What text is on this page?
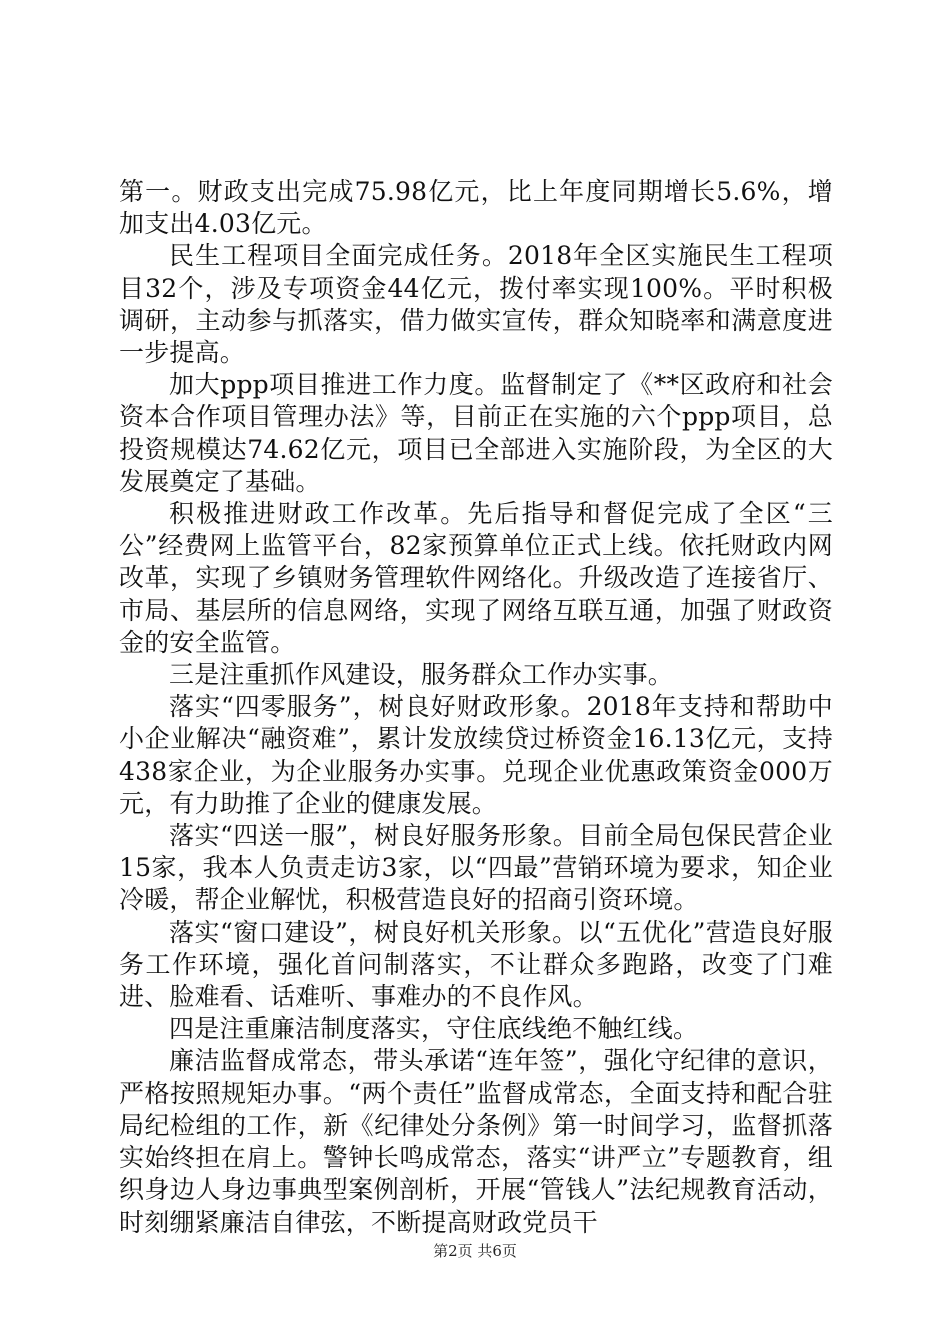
第一。财政支出完成75.98亿元，比上年度同期增长5.6%，增加支出4.03亿元。

民生工程项目全面完成任务。2018年全区实施民生工程项目32个，涉及专项资金44亿元，拨付率实现100%。平时积极调研，主动参与抓落实，借力做实宣传，群众知晓率和满意度进一步提高。

加大ppp项目推进工作力度。监督制定了《**区政府和社会资本合作项目管理办法》等，目前正在实施的六个ppp项目，总投资规模达74.62亿元，项目已全部进入实施阶段，为全区的大发展奠定了基础。

积极推进财政工作改革。先后指导和督促完成了全区“三公”经费网上监管平台，82家预算单位正式上线。依托财政内网改革，实现了乡镇财务管理软件网络化。升级改造了连接省厅、市局、基层所的信息网络，实现了网络互联互通，加强了财政资金的安全监管。

三是注重抓作风建设，服务群众工作办实事。

落实“四零服务”，树良好财政形象。2018年支持和帮助中小企业解决“融资难”，累计发放续贷过桥资金16.13亿元，支持438家企业，为企业服务办实事。兑现企业优惠政策资金000万元，有力助推了企业的健康发展。

落实“四送一服”，树良好服务形象。目前全局包保民营企业15家，我本人负责走访3家，以“四最”营销环境为要求，知企业冷暖，帮企业解忧，积极营造良好的招商引资环境。

落实“窗口建设”，树良好机关形象。以“五优化”营造良好服务工作环境，强化首问制落实，不让群众多跑路，改变了门难进、脸难看、话难听、事难办的不良作风。

四是注重廉洁制度落实，守住底线绝不触红线。

廉洁监督成常态，带头承诺“连年签”，强化守纪律的意识，严格按照规矩办事。“两个责任”监督成常态，全面支持和配合驻局纪检组的工作，新《纪律处分条例》第一时间学习，监督抓落实始终担在肩上。警钟长鸣成常态，落实“讲严立”专题教育，组织身边人身边事典型案例剖析，开展“管钱人”法纪规教育活动，时刻绷紧廉洁自律弦，不断提高财政党员干

第2页 共6页
